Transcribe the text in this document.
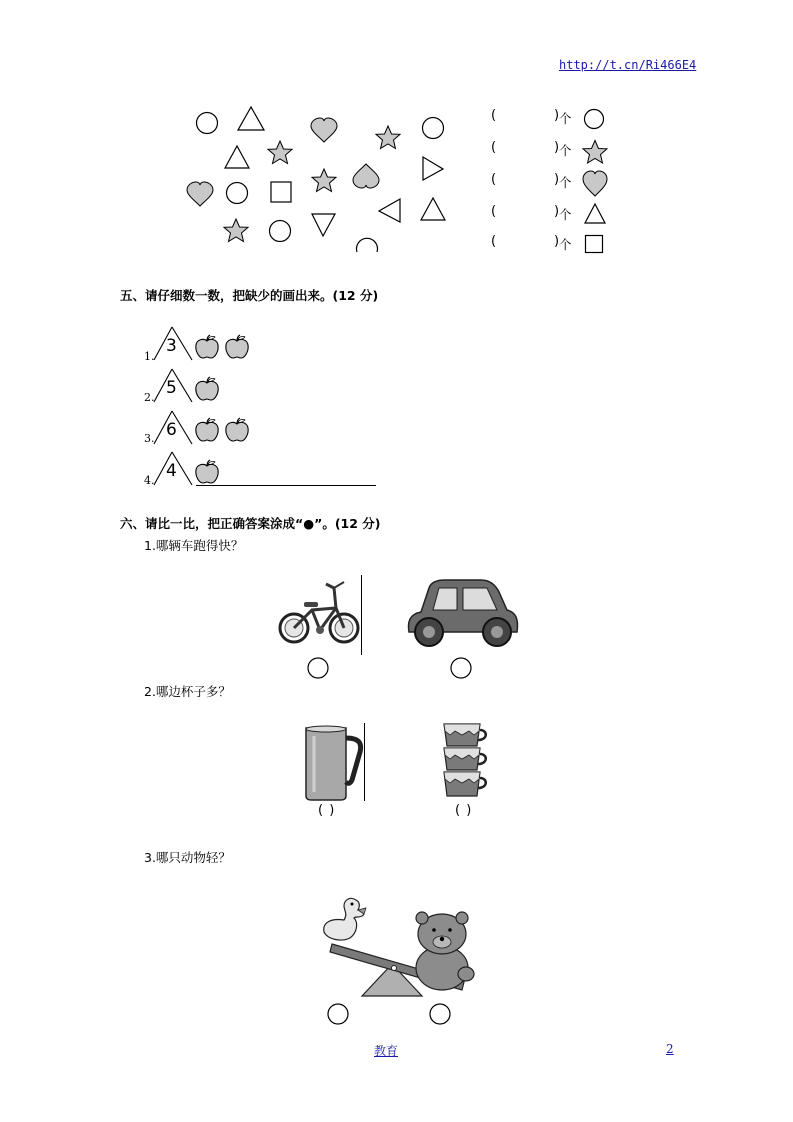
http://t.cn/Ri466E4
(	) 个
(	) 个
(	) 个
(	) 个
(	) 个
五、请仔细数一数，把缺少的画出来。(12 分)
1.
3
2. 5
3. 6
4. 4
六、请比一比，把正确答案涂成“●”。(12 分)
1.哪辆车跑得快？
2.哪边杯子多？
( )	( )
3.哪只动物轻？
教育	2
